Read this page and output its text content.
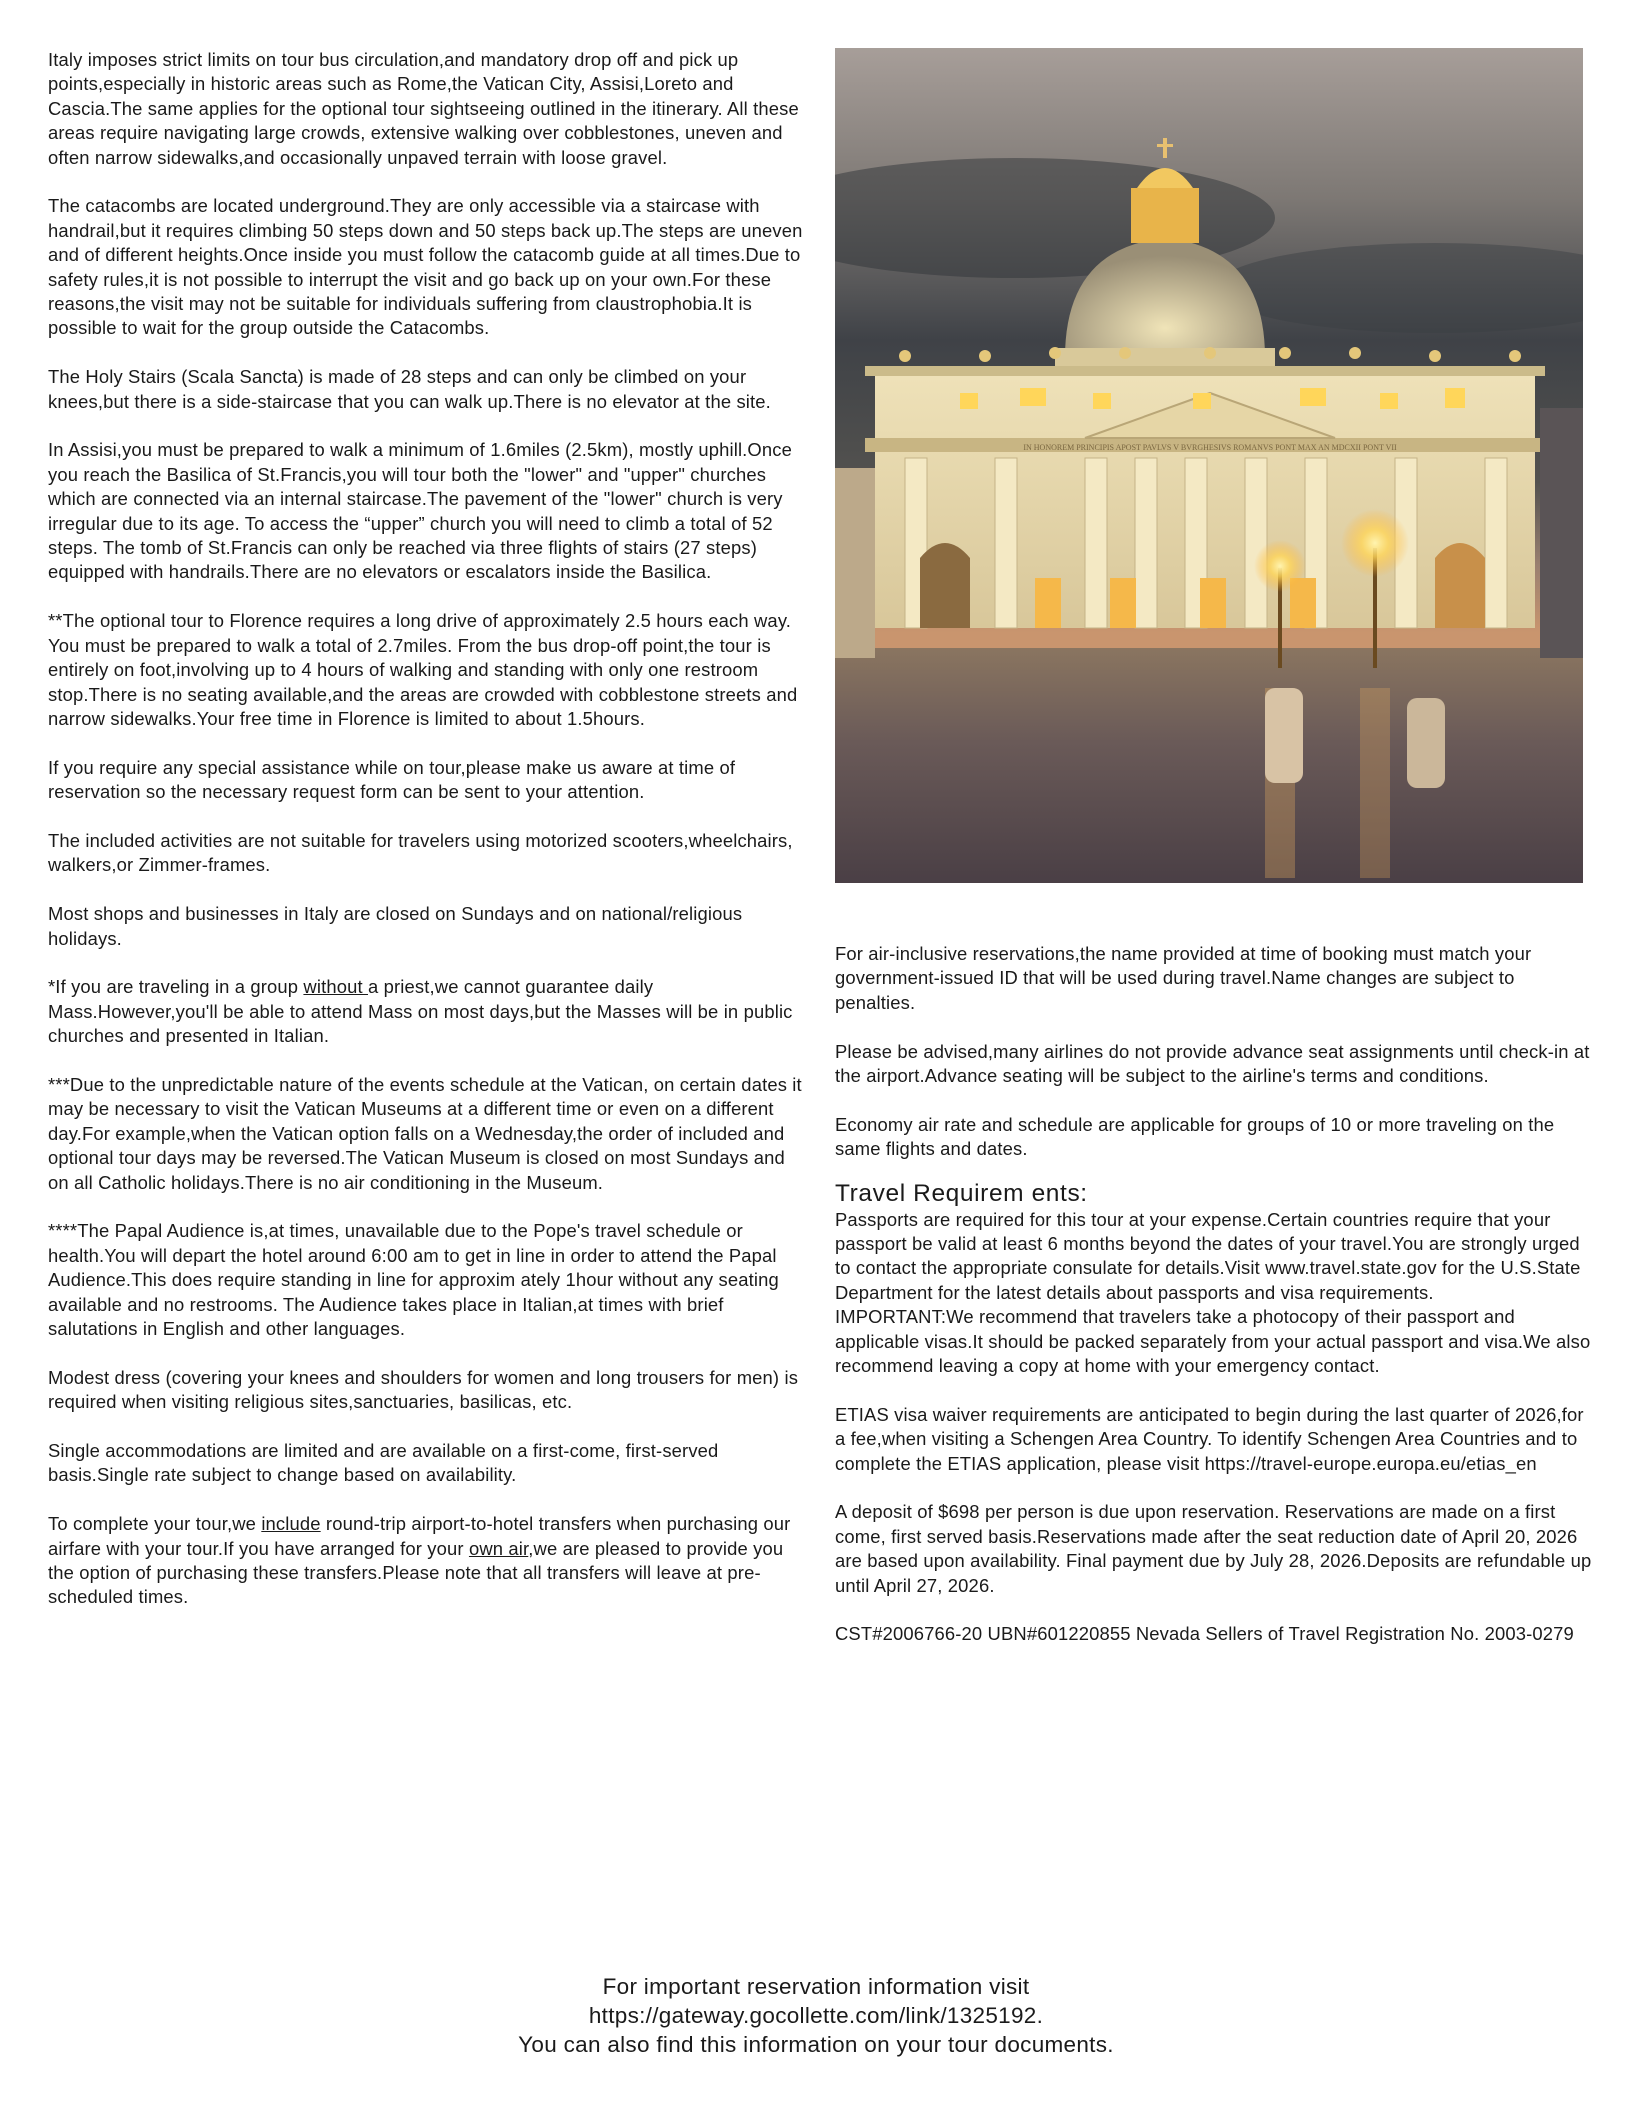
Italy imposes strict limits on tour bus circulation,and mandatory drop off and pick up points,especially in historic areas such as Rome,the Vatican City, Assisi,Loreto and Cascia.The same applies for the optional tour sightseeing outlined in the itinerary. All these areas require navigating large crowds, extensive walking over cobblestones, uneven and often narrow sidewalks,and occasionally unpaved terrain with loose gravel.

The catacombs are located underground.They are only accessible via a staircase with handrail,but it requires climbing 50 steps down and 50 steps back up.The steps are uneven and of different heights.Once inside you must follow the catacomb guide at all times.Due to safety rules,it is not possible to interrupt the visit and go back up on your own.For these reasons,the visit may not be suitable for individuals suffering from claustrophobia.It is possible to wait for the group outside the Catacombs.

The Holy Stairs (Scala Sancta) is made of 28 steps and can only be climbed on your knees,but there is a side-staircase that you can walk up.There is no elevator at the site.

In Assisi,you must be prepared to walk a minimum of 1.6miles (2.5km), mostly uphill.Once you reach the Basilica of St.Francis,you will tour both the "lower" and "upper" churches which are connected via an internal staircase.The pavement of the "lower" church is very irregular due to its age. To access the “upper” church you will need to climb a total of 52 steps. The tomb of St.Francis can only be reached via three flights of stairs (27 steps) equipped with handrails.There are no elevators or escalators inside the Basilica.

**The optional tour to Florence requires a long drive of approximately 2.5 hours each way. You must be prepared to walk a total of 2.7miles. From the bus drop-off point,the tour is entirely on foot,involving up to 4 hours of walking and standing with only one restroom stop.There is no seating available,and the areas are crowded with cobblestone streets and narrow sidewalks.Your free time in Florence is limited to about 1.5hours.

If you require any special assistance while on tour,please make us aware at time of reservation so the necessary request form can be sent to your attention.

The included activities are not suitable for travelers using motorized scooters,wheelchairs, walkers,or Zimmer-frames.

Most shops and businesses in Italy are closed on Sundays and on national/religious holidays.

*If you are traveling in a group without a priest,we cannot guarantee daily Mass.However,you'll be able to attend Mass on most days,but the Masses will be in public churches and presented in Italian.

***Due to the unpredictable nature of the events schedule at the Vatican, on certain dates it may be necessary to visit the Vatican Museums at a different time or even on a different day.For example,when the Vatican option falls on a Wednesday,the order of included and optional tour days may be reversed.The Vatican Museum is closed on most Sundays and on all Catholic holidays.There is no air conditioning in the Museum.

****The Papal Audience is,at times, unavailable due to the Pope's travel schedule or health.You will depart the hotel around 6:00 am to get in line in order to attend the Papal Audience.This does require standing in line for approxim ately 1hour without any seating available and no restrooms. The Audience takes place in Italian,at times with brief salutations in English and other languages.

Modest dress (covering your knees and shoulders for women and long trousers for men) is required when visiting religious sites,sanctuaries, basilicas, etc.

Single accommodations are limited and are available on a first-come, first-served basis.Single rate subject to change based on availability.

To complete your tour,we include round-trip airport-to-hotel transfers when purchasing our airfare with your tour.If you have arranged for your own air,we are pleased to provide you the option of purchasing these transfers.Please note that all transfers will leave at pre-scheduled times.

IN HONOREM PRINCIPIS APOST PAVLVS V BVRGHESIVS ROMANVS PONT MAX AN MDCXII PONT VII

For air-inclusive reservations,the name provided at time of booking must match your government-issued ID that will be used during travel.Name changes are subject to penalties.

Please be advised,many airlines do not provide advance seat assignments until check-in at the airport.Advance seating will be subject to the airline's terms and conditions.

Economy air rate and schedule are applicable for groups of 10 or more traveling on the same flights and dates.

Travel Requirem ents:

Passports are required for this tour at your expense.Certain countries require that your passport be valid at least 6 months beyond the dates of your travel.You are strongly urged to contact the appropriate consulate for details.Visit www.travel.state.gov for the U.S.State Department for the latest details about passports and visa requirements.

IMPORTANT:We recommend that travelers take a photocopy of their passport and applicable visas.It should be packed separately from your actual passport and visa.We also recommend leaving a copy at home with your emergency contact.

ETIAS visa waiver requirements are anticipated to begin during the last quarter of 2026,for a fee,when visiting a Schengen Area Country. To identify Schengen Area Countries and to complete the ETIAS application, please visit https://travel-europe.europa.eu/etias_en

A deposit of $698 per person is due upon reservation. Reservations are made on a first come, first served basis.Reservations made after the seat reduction date of April 20, 2026 are based upon availability. Final payment due by July 28, 2026.Deposits are refundable up until April 27, 2026.

CST#2006766-20 UBN#601220855 Nevada Sellers of Travel Registration No. 2003-0279

For important reservation information visit
https://gateway.gocollette.com/link/1325192.
You can also find this information on your tour documents.
